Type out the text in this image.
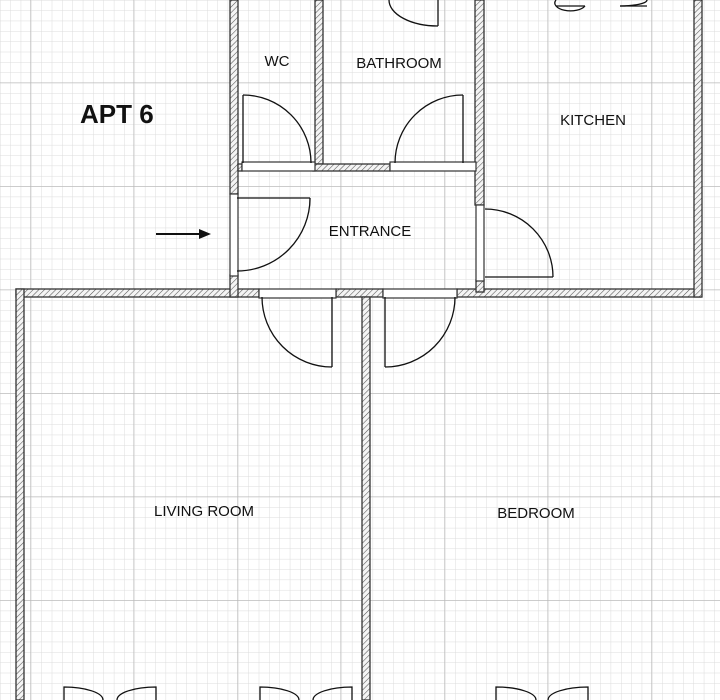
APT 6
WC	BATHROOM
KITCHEN
ENTRANCE
LIVING ROOM	BEDROOM
